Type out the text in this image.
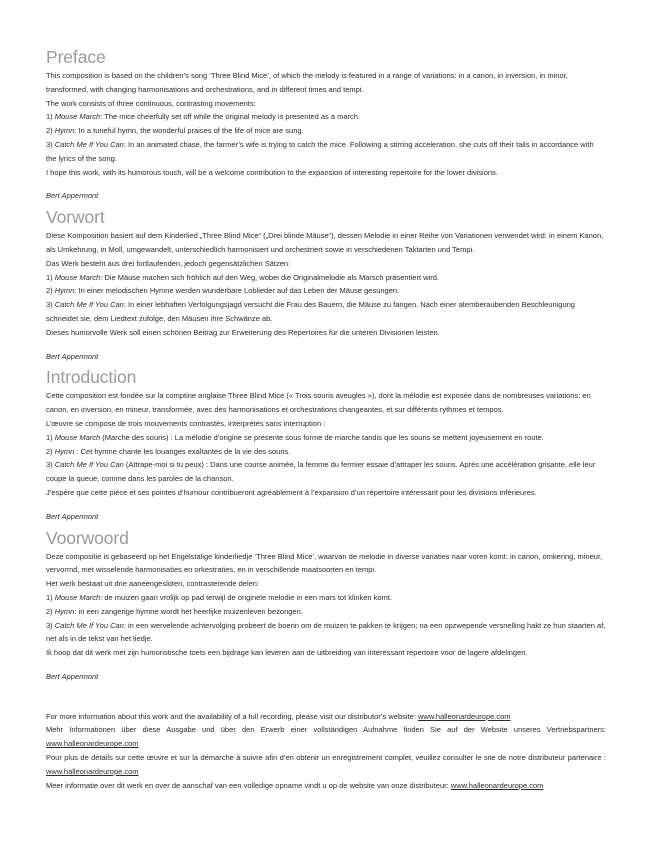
Preface

This composition is based on the children’s song ‘Three Blind Mice’, of which the melody is featured in a range of variations: in a canon, in inversion, in minor, transformed, with changing harmonisations and orchestrations, and in different times and tempi.

The work consists of three continuous, contrasting movements:

1) Mouse March: The mice cheerfully set off while the original melody is presented as a march.

2) Hymn: In a tuneful hymn, the wonderful praises of the life of mice are sung.

3) Catch Me If You Can: In an animated chase, the farmer’s wife is trying to catch the mice. Following a stirring acceleration, she cuts off their tails in accordance with the lyrics of the song.

I hope this work, with its humorous touch, will be a welcome contribution to the expansion of interesting repertoire for the lower divisions.

Bert Appermont

Vorwort

Diese Komposition basiert auf dem Kinderlied „Three Blind Mice“ („Drei blinde Mäuse“), dessen Melodie in einer Reihe von Variationen verwendet wird: in einem Kanon, als Umkehrung, in Moll, umgewandelt, unterschiedlich harmonisiert und orchestriert sowie in verschiedenen Taktarten und Tempi.

Das Werk besteht aus drei fortlaufenden, jedoch gegensätzlichen Sätzen:

1) Mouse March: Die Mäuse machen sich fröhlich auf den Weg, wobei die Originalmelodie als Marsch präsentiert wird.

2) Hymn: In einer melodischen Hymne werden wunderbare Loblieder auf das Leben der Mäuse gesungen.

3) Catch Me If You Can: In einer lebhaften Verfolgungsjagd versucht die Frau des Bauern, die Mäuse zu fangen. Nach einer atemberaubenden Beschleunigung schneidet sie, dem Liedtext zufolge, den Mäusen ihre Schwänze ab.

Dieses humorvolle Werk soll einen schönen Beitrag zur Erweiterung des Repertoires für die unteren Divisionen leisten.

Bert Appermont

Introduction

Cette composition est fondée sur la comptine anglaise Three Blind Mice (« Trois souris aveugles »), dont la mélodie est exposée dans de nombreuses variations: en canon, en inversion, en mineur, transformée, avec des harmonisations et orchestrations changeantes, et sur différents rythmes et tempos.

L’œuvre se compose de trois mouvements contrastés, interprétés sans interruption :

1) Mouse March (Marche des souris) : La mélodie d’origine se présente sous forme de marche tandis que les souris se mettent joyeusement en route.

2) Hymn : Cet hymne chante les louanges exaltantes de la vie des souris.

3) Catch Me If You Can (Attrape-moi si tu peux) : Dans une course animée, la femme du fermier essaie d’attraper les souris. Après une accélération grisante, elle leur coupe la queue, comme dans les paroles de la chanson.

J’espère que cette pièce et ses pointes d’humour contribueront agréablement à l’expansion d’un répertoire intéressant pour les divisions inférieures.

Bert Appermont

Voorwoord

Deze compositie is gebaseerd op het Engelstalige kinderliedje ‘Three Blind Mice’, waarvan de melodie in diverse variaties naar voren komt: in canon, omkering, mineur, vervormd, met wisselende harmonisaties en orkestraties, en in verschillende maatsoorten en tempi.

Het werk bestaat uit drie aaneengesloten, contrasterende delen:

1) Mouse March: de muizen gaan vrolijk op pad terwijl de originele melodie in een mars tot klinken komt.

2) Hymn: in een zangerige hymne wordt het heerlijke muizenleven bezongen.

3) Catch Me If You Can: in een wervelende achtervolging probeert de boerin om de muizen te pakken te krijgen; na een opzwepende versnelling hakt ze hun staarten af, net als in de tekst van het liedje.

Ik hoop dat dit werk met zijn humoristische toets een bijdrage kan leveren aan de uitbreiding van interessant repertoire voor de lagere afdelingen.

Bert Appermont

For more information about this work and the availability of a full recording, please visit our distributor’s website: www.halleonardeurope.com

Mehr Informationen über diese Ausgabe und über den Erwerb einer vollständigen Aufnahme finden Sie auf der Website unseres Vertriebspartners: www.halleonardeurope.com

Pour plus de détails sur cette œuvre et sur la démarche à suivre afin d’en obtenir un enregistrement complet, veuillez consulter le site de notre distributeur partenaire : www.halleonardeurope.com

Meer informatie over dit werk en over de aanschaf van een volledige opname vindt u op de website van onze distributeur: www.halleonardeurope.com
